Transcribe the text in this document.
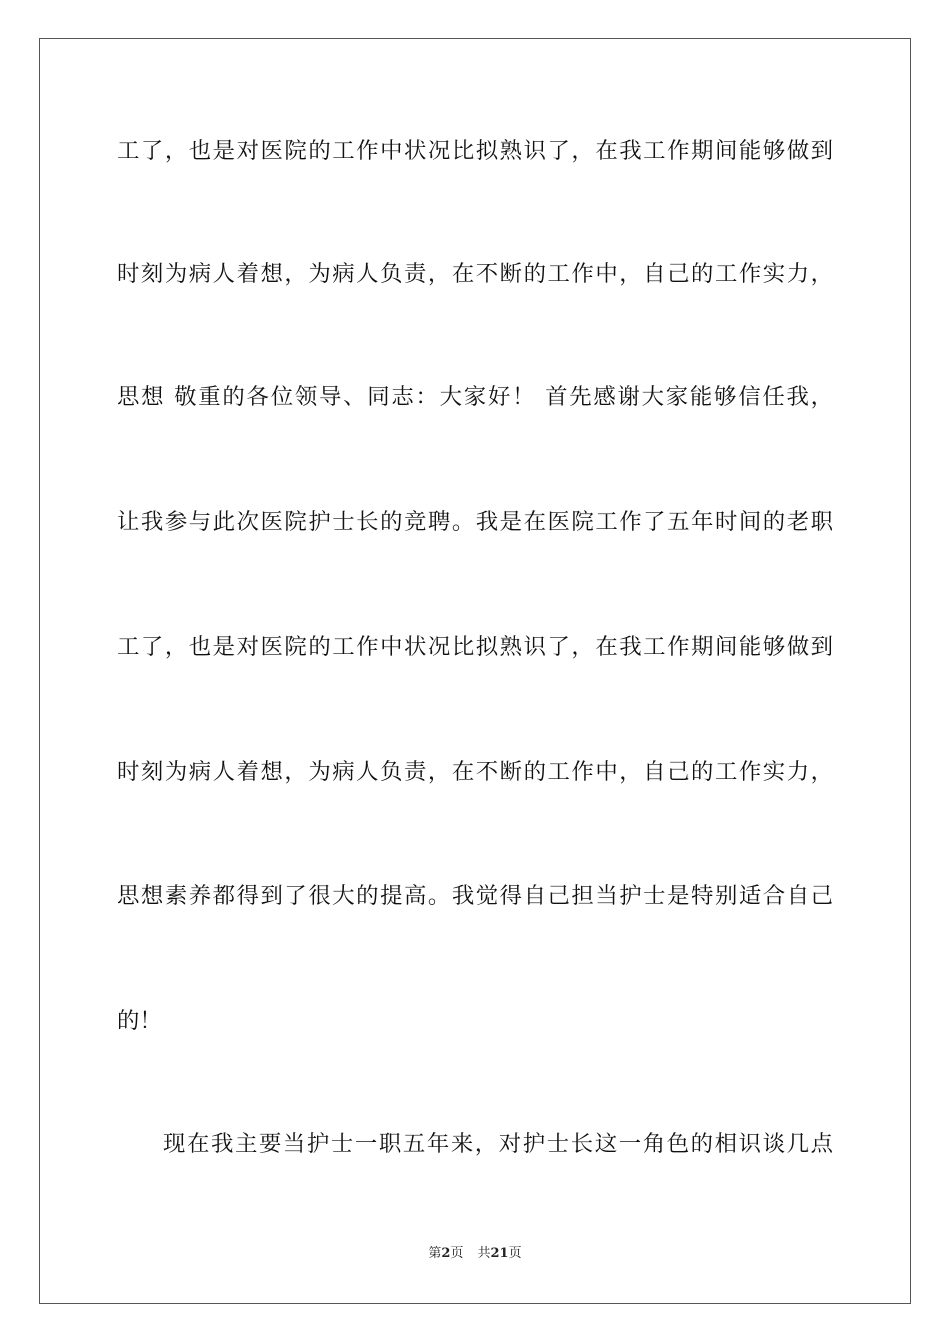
工了，也是对医院的工作中状况比拟熟识了，在我工作期间能够做到
时刻为病人着想，为病人负责，在不断的工作中，自己的工作实力，
思想 敬重的各位领导、同志：大家好！ 首先感谢大家能够信任我，
让我参与此次医院护士长的竞聘。我是在医院工作了五年时间的老职
工了，也是对医院的工作中状况比拟熟识了，在我工作期间能够做到
时刻为病人着想，为病人负责，在不断的工作中，自己的工作实力，
思想素养都得到了很大的提高。我觉得自己担当护士是特别适合自己
的！
现在我主要当护士一职五年来，对护士长这一角色的相识谈几点
第2页 共21页
